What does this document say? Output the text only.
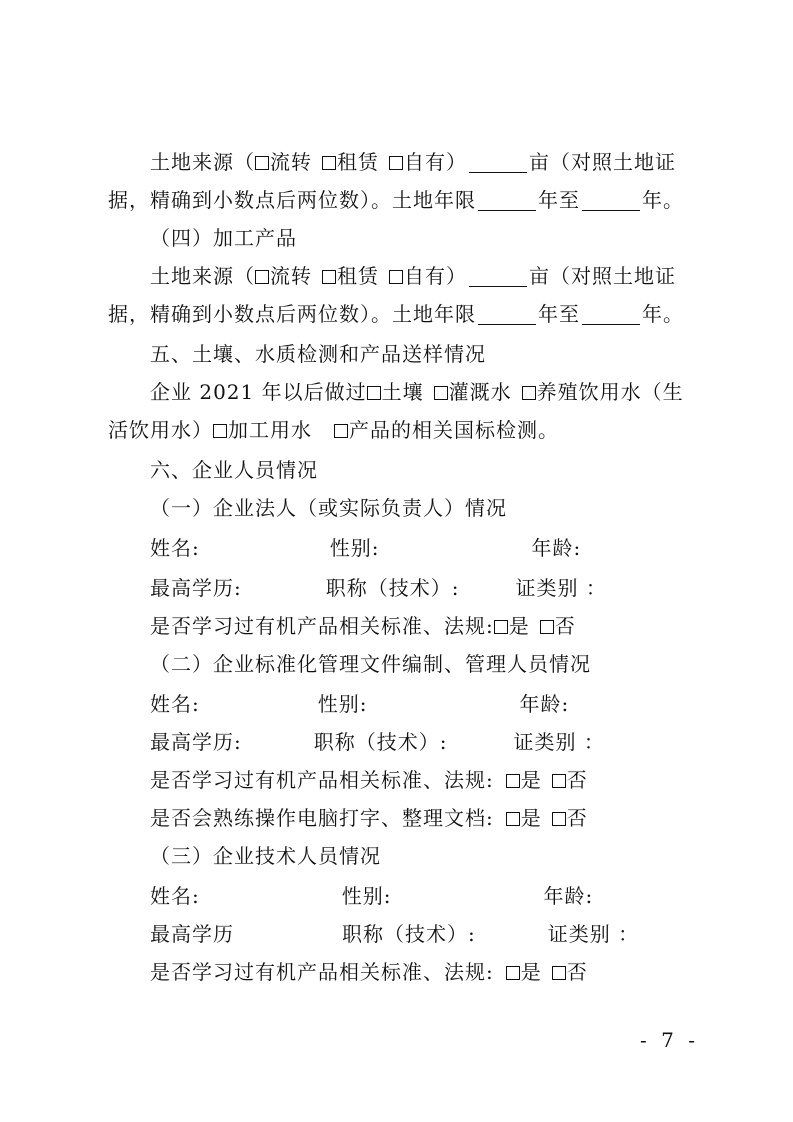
土地来源（ 流转 租赁 自有）	亩（对照土地证
据，精确到小数点后两位数）。土地年限	年至	年。
（四）加工产品
土地来源（ 流转 租赁 自有）	亩（对照土地证
据，精确到小数点后两位数）。土地年限	年至	年。
五、土壤、水质检测和产品送样情况
企业 2021 年以后做过 土壤 灌溉水 养殖饮用水（生
活饮用水） 加工用水 产品的相关国标检测。
六、企业人员情况
（一）企业法人（或实际负责人）情况
姓名:	性别:	年龄:
最高学历:	职称（技术）:	证类别 ：
是否学习过有机产品相关标准、法规: 是 否
（二）企业标准化管理文件编制、管理人员情况
姓名:	性别:	年龄:
最高学历:	职称（技术）:	证类别 ：
是否学习过有机产品相关标准、法规: 是 否
是否会熟练操作电脑打字、整理文档: 是 否
（三）企业技术人员情况
姓名:	性别:	年龄:
最高学历	职称（技术）:	证类别 ：
是否学习过有机产品相关标准、法规: 是 否
- 7 -
